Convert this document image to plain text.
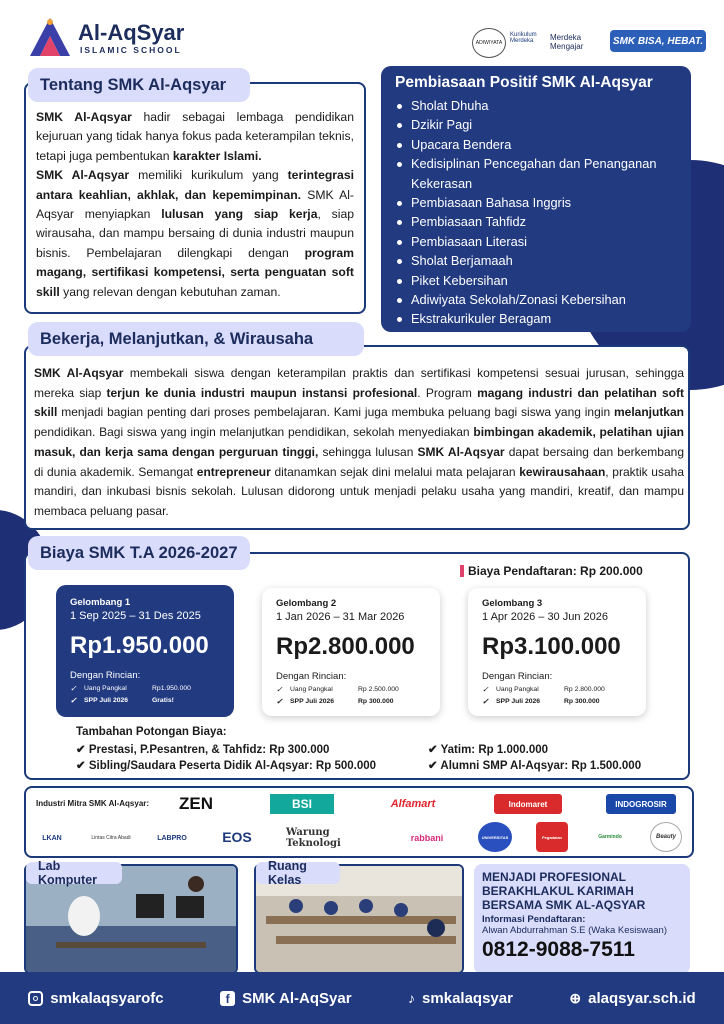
Al-AqSyar
ISLAMIC SCHOOL
ADIWIYATA
Kurikulum Merdeka	Merdeka Mengajar	SMK BISA, HEBAT.
Tentang SMK Al-Aqsyar
SMK Al-Aqsyar hadir sebagai lembaga pendidikan kejuruan yang tidak hanya fokus pada keterampilan teknis, tetapi juga pembentukan karakter Islami.
SMK Al-Aqsyar memiliki kurikulum yang terintegrasi antara keahlian, akhlak, dan kepemimpinan. SMK Al-Aqsyar menyiapkan lulusan yang siap kerja, siap wirausaha, dan mampu bersaing di dunia industri maupun bisnis. Pembelajaran dilengkapi dengan program magang, sertifikasi kompetensi, serta penguatan soft skill yang relevan dengan kebutuhan zaman.
Pembiasaan Positif SMK Al-Aqsyar
Sholat Dhuha
Dzikir Pagi
Upacara Bendera
Kedisiplinan Pencegahan dan Penanganan Kekerasan
Pembiasaan Bahasa Inggris
Pembiasaan Tahfidz
Pembiasaan Literasi
Sholat Berjamaah
Piket Kebersihan
Adiwiyata Sekolah/Zonasi Kebersihan
Ekstrakurikuler Beragam
Bekerja, Melanjutkan, & Wirausaha
SMK Al-Aqsyar membekali siswa dengan keterampilan praktis dan sertifikasi kompetensi sesuai jurusan, sehingga mereka siap terjun ke dunia industri maupun instansi profesional. Program magang industri dan pelatihan soft skill menjadi bagian penting dari proses pembelajaran. Kami juga membuka peluang bagi siswa yang ingin melanjutkan pendidikan. Bagi siswa yang ingin melanjutkan pendidikan, sekolah menyediakan bimbingan akademik, pelatihan ujian masuk, dan kerja sama dengan perguruan tinggi, sehingga lulusan SMK Al-Aqsyar dapat bersaing dan berkembang di dunia akademik. Semangat entrepreneur ditanamkan sejak dini melalui mata pelajaran kewirausahaan, praktik usaha mandiri, dan inkubasi bisnis sekolah. Lulusan didorong untuk menjadi pelaku usaha yang mandiri, kreatif, dan mampu membaca peluang pasar.
Biaya SMK T.A 2026-2027
Biaya Pendaftaran: Rp 200.000
Gelombang 1
1 Sep 2025 – 31 Des 2025
Rp1.950.000
Dengan Rincian:
✓	Uang Pangkal	Rp1.950.000
✓	SPP Juli 2026	Gratis!
Gelombang 2
1 Jan 2026 – 31 Mar 2026
Rp2.800.000
Dengan Rincian:
✓	Uang Pangkal	Rp 2.500.000
✓	SPP Juli 2026	Rp 300.000
Gelombang 3
1 Apr 2026 – 30 Jun 2026
Rp3.100.000
Dengan Rincian:
✓	Uang Pangkal	Rp 2.800.000
✓	SPP Juli 2026	Rp 300.000
Tambahan Potongan Biaya:
✔ Prestasi, P.Pesantren, & Tahfidz: Rp 300.000
✔ Sibling/Saudara Peserta Didik Al-Aqsyar: Rp 500.000
✔ Yatim: Rp 1.000.000
✔ Alumni SMP Al-Aqsyar: Rp 1.500.000
Industri Mitra SMK Al-Aqsyar:	ZEN	BSI	Alfamart	Indomaret	INDOGROSIR
LKAN	Lintas Citra Abadi	LABPRO	EOS	Warung Teknologi	rabbani	UNIVERSITAS	Pegadaian	Garmindo	Beauty
Lab Komputer
Ruang Kelas	MENJADI PROFESIONAL
BERAKHLAKUL KARIMAH
BERSAMA SMK AL-AQSYAR
Informasi Pendaftaran:
Alwan Abdurrahman S.E (Waka Kesiswaan)
0812-9088-7511
smkalaqsyarofc	f SMK Al-AqSyar	♪ smkalaqsyar	⊕ alaqsyar.sch.id
